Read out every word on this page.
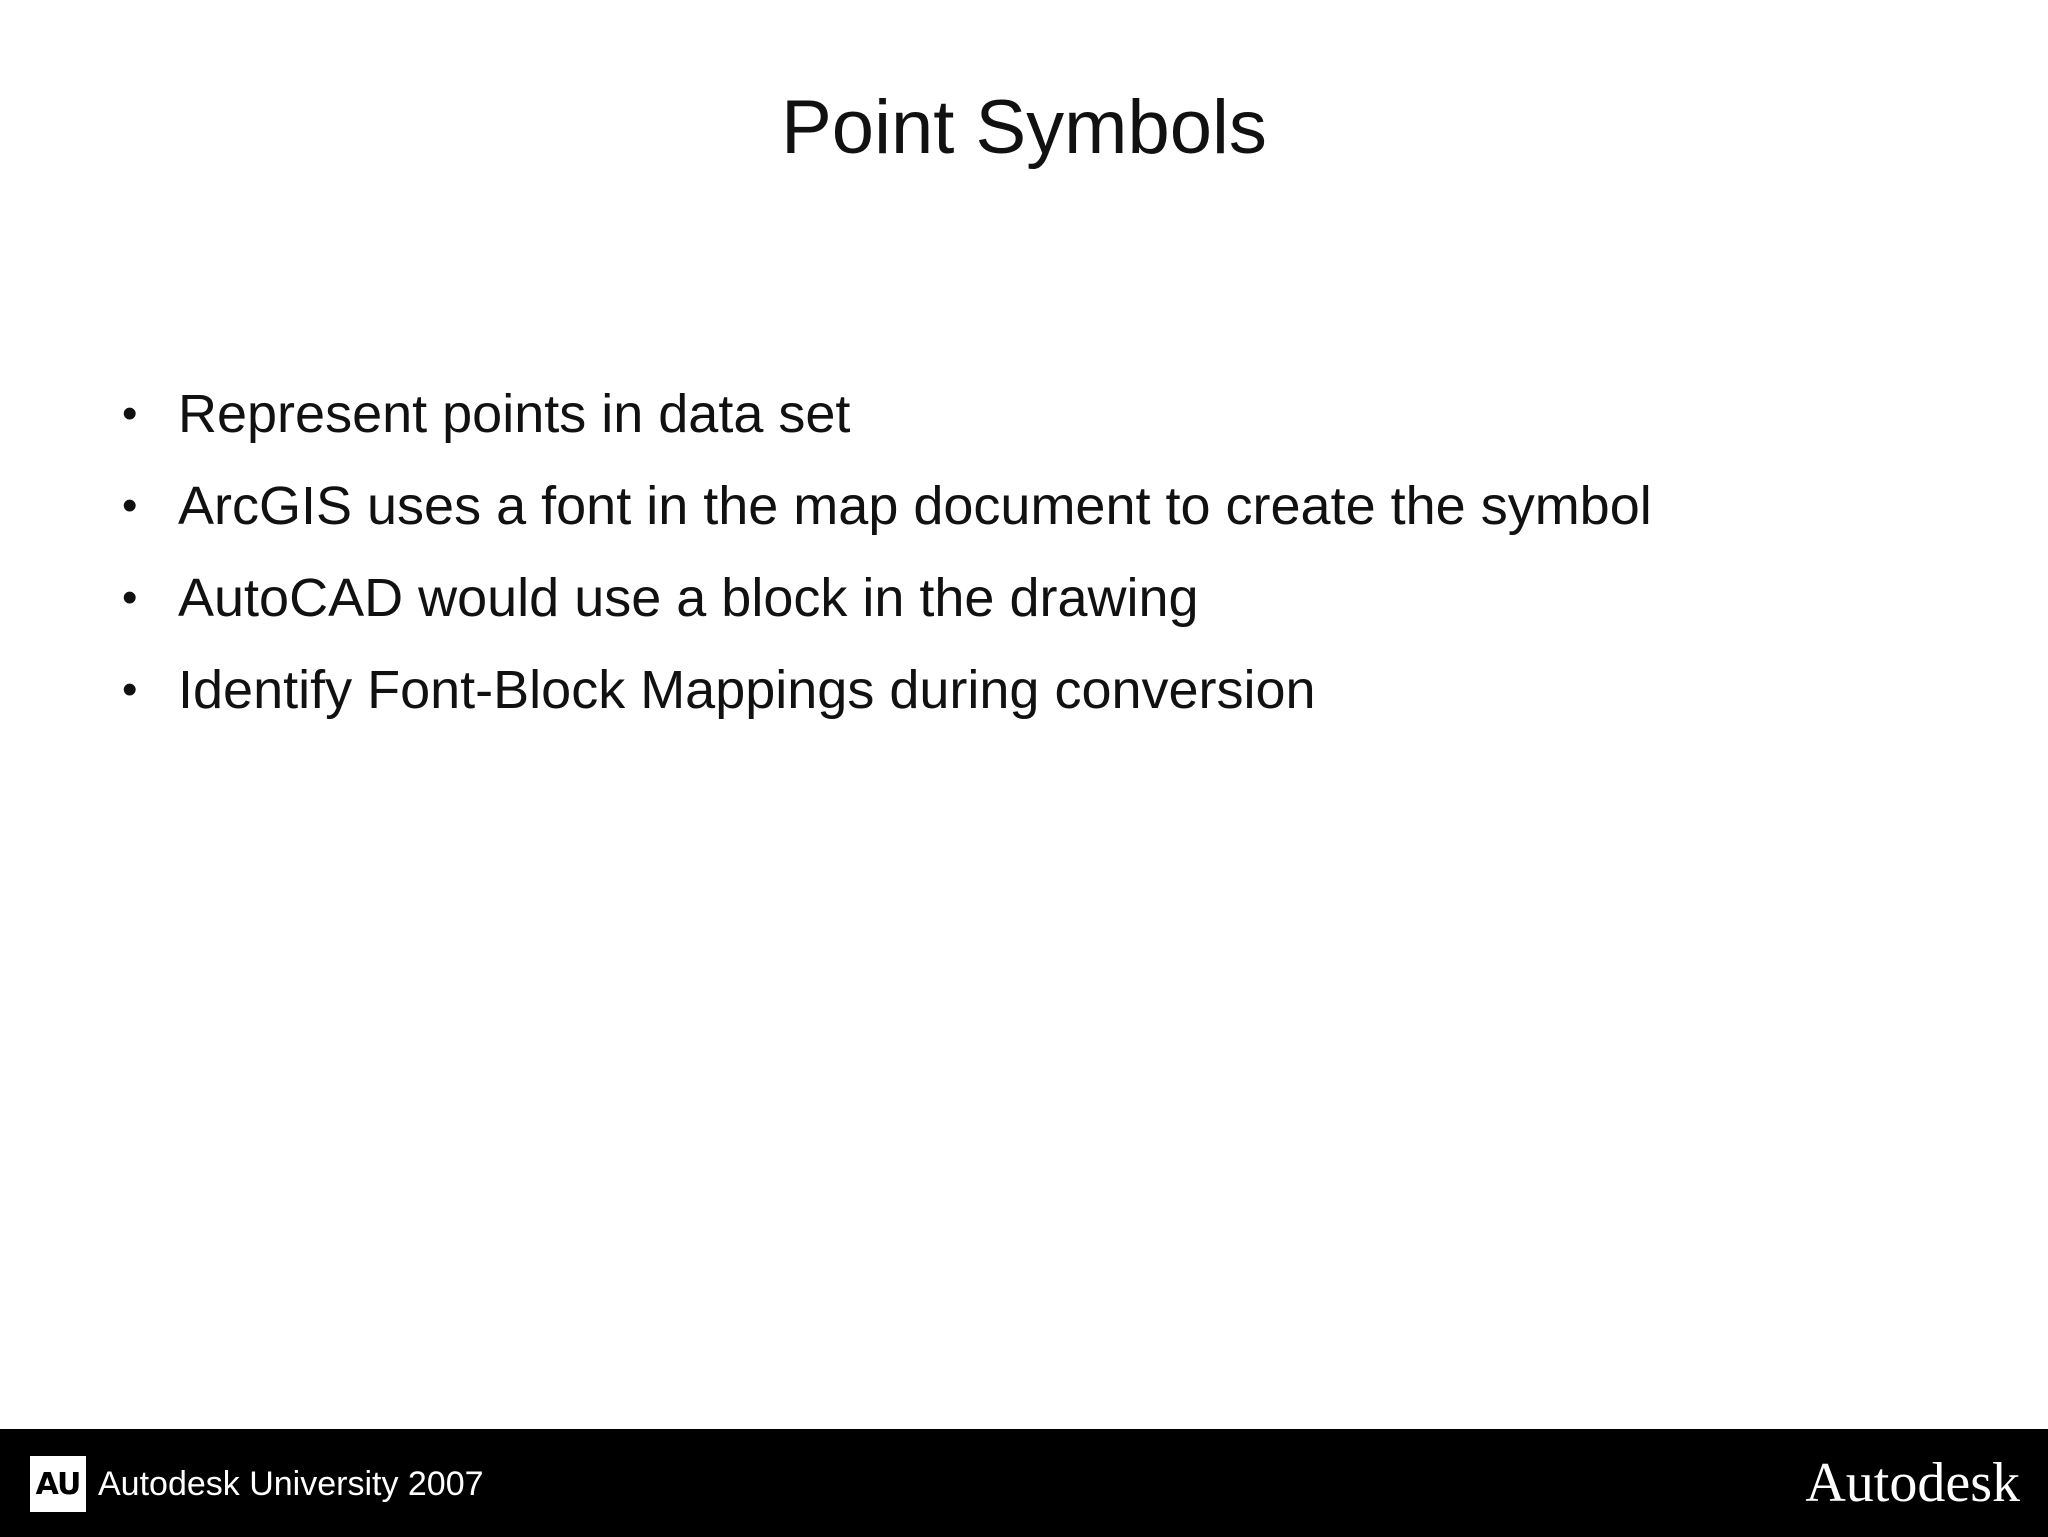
Point Symbols
• Represent points in data set
• ArcGIS uses a font in the map document to create the symbol
• AutoCAD would use a block in the drawing
• Identify Font-Block Mappings during conversion
AU Autodesk University 2007	Autodesk
